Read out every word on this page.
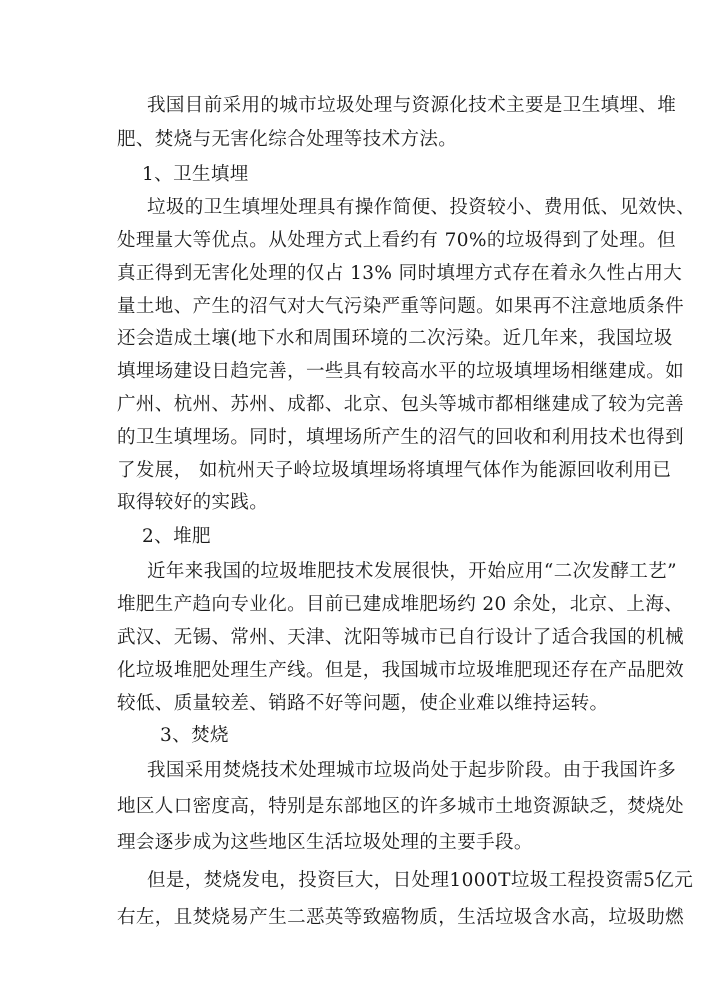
我国目前采用的城市垃圾处理与资源化技术主要是卫生填埋、堆
肥、焚烧与无害化综合处理等技术方法。
1、卫生填埋
垃圾的卫生填埋处理具有操作简便、投资较小、费用低、见效快、
处理量大等优点。从处理方式上看约有 70%的垃圾得到了处理。但
真正得到无害化处理的仅占 13% 同时填埋方式存在着永久性占用大
量土地、产生的沼气对大气污染严重等问题。如果再不注意地质条件
还会造成土壤(地下水和周围环境的二次污染。近几年来，我国垃圾
填埋场建设日趋完善，一些具有较高水平的垃圾填埋场相继建成。如
广州、杭州、苏州、成都、北京、包头等城市都相继建成了较为完善
的卫生填埋场。同时，填埋场所产生的沼气的回收和利用技术也得到
了发展， 如杭州天子岭垃圾填埋场将填埋气体作为能源回收利用已
取得较好的实践。
2、堆肥
近年来我国的垃圾堆肥技术发展很快，开始应用“二次发酵工艺”
堆肥生产趋向专业化。目前已建成堆肥场约 20 余处，北京、上海、
武汉、无锡、常州、天津、沈阳等城市已自行设计了适合我国的机械
化垃圾堆肥处理生产线。但是，我国城市垃圾堆肥现还存在产品肥效
较低、质量较差、销路不好等问题，使企业难以维持运转。
3、焚烧
我国采用焚烧技术处理城市垃圾尚处于起步阶段。由于我国许多
地区人口密度高，特别是东部地区的许多城市土地资源缺乏，焚烧处
理会逐步成为这些地区生活垃圾处理的主要手段。
但是，焚烧发电，投资巨大，日处理1000T垃圾工程投资需5亿元
右左，且焚烧易产生二恶英等致癌物质，生活垃圾含水高，垃圾助燃
